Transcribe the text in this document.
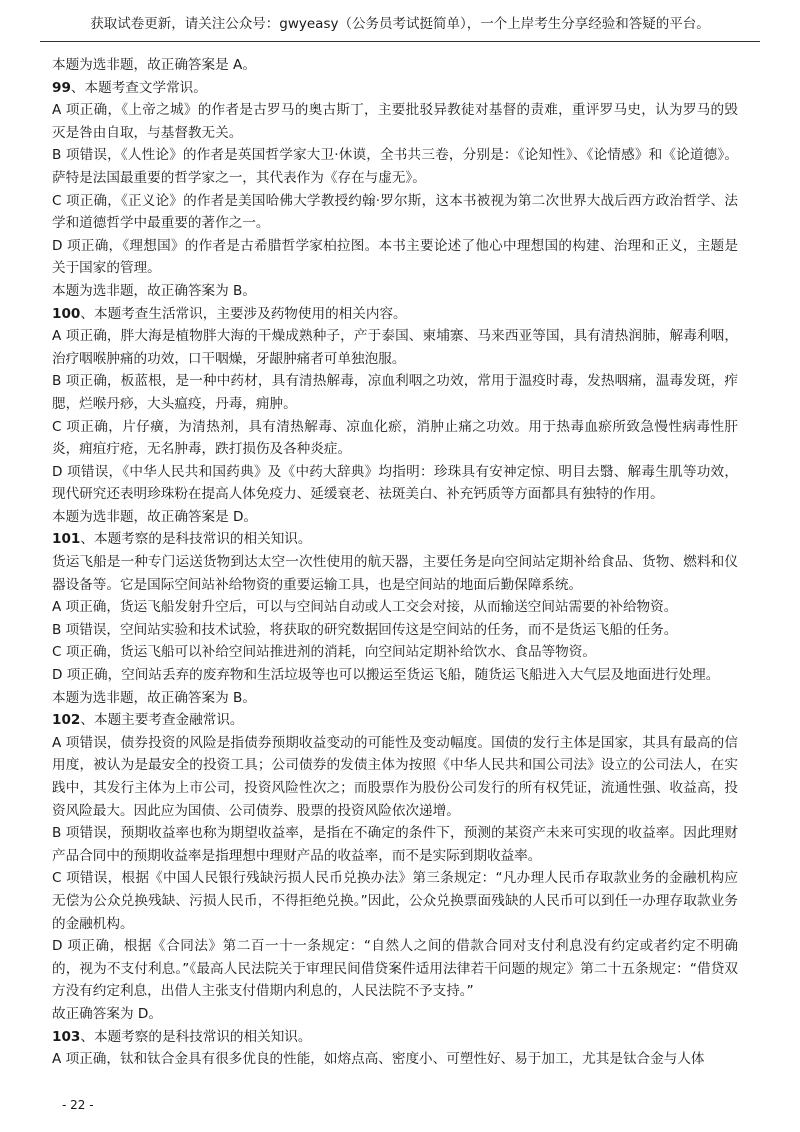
获取试卷更新，请关注公众号：gwyeasy（公务员考试挺简单），一个上岸考生分享经验和答疑的平台。
本题为选非题，故正确答案是 A。
99、本题考查文学常识。
A 项正确，《上帝之城》的作者是古罗马的奥古斯丁，主要批驳异教徒对基督的责难，重评罗马史，认为罗马的毁灭是咎由自取，与基督教无关。
B 项错误，《人性论》的作者是英国哲学家大卫·休谟，全书共三卷，分别是：《论知性》、《论情感》和《论道德》。萨特是法国最重要的哲学家之一，其代表作为《存在与虚无》。
C 项正确，《正义论》的作者是美国哈佛大学教授约翰·罗尔斯，这本书被视为第二次世界大战后西方政治哲学、法学和道德哲学中最重要的著作之一。
D 项正确，《理想国》的作者是古希腊哲学家柏拉图。本书主要论述了他心中理想国的构建、治理和正义，主题是关于国家的管理。
本题为选非题，故正确答案为 B。
100、本题考查生活常识，主要涉及药物使用的相关内容。
A 项正确，胖大海是植物胖大海的干燥成熟种子，产于泰国、柬埔寨、马来西亚等国，具有清热润肺，解毒利咽，治疗咽喉肿痛的功效，口干咽燥，牙龈肿痛者可单独泡服。
B 项正确，板蓝根，是一种中药材，具有清热解毒，凉血利咽之功效，常用于温疫时毒，发热咽痛，温毒发斑，痄腮，烂喉丹痧，大头瘟疫，丹毒，痈肿。
C 项正确，片仔癀，为清热剂，具有清热解毒、凉血化瘀，消肿止痛之功效。用于热毒血瘀所致急慢性病毒性肝炎，痈疽疔疮，无名肿毒，跌打损伤及各种炎症。
D 项错误，《中华人民共和国药典》及《中药大辞典》均指明：珍珠具有安神定惊、明目去翳、解毒生肌等功效，现代研究还表明珍珠粉在提高人体免疫力、延缓衰老、祛斑美白、补充钙质等方面都具有独特的作用。
本题为选非题，故正确答案是 D。
101、本题考察的是科技常识的相关知识。
货运飞船是一种专门运送货物到达太空一次性使用的航天器，主要任务是向空间站定期补给食品、货物、燃料和仪器设备等。它是国际空间站补给物资的重要运输工具，也是空间站的地面后勤保障系统。
A 项正确，货运飞船发射升空后，可以与空间站自动或人工交会对接，从而输送空间站需要的补给物资。
B 项错误，空间站实验和技术试验，将获取的研究数据回传这是空间站的任务，而不是货运飞船的任务。
C 项正确，货运飞船可以补给空间站推进剂的消耗，向空间站定期补给饮水、食品等物资。
D 项正确，空间站丢弃的废弃物和生活垃圾等也可以搬运至货运飞船，随货运飞船进入大气层及地面进行处理。
本题为选非题，故正确答案为 B。
102、本题主要考查金融常识。
A 项错误，债券投资的风险是指债券预期收益变动的可能性及变动幅度。国债的发行主体是国家，其具有最高的信用度，被认为是最安全的投资工具；公司债券的发债主体为按照《中华人民共和国公司法》设立的公司法人，在实践中，其发行主体为上市公司，投资风险性次之；而股票作为股份公司发行的所有权凭证，流通性强、收益高，投资风险最大。因此应为国债、公司债券、股票的投资风险依次递增。
B 项错误，预期收益率也称为期望收益率，是指在不确定的条件下，预测的某资产未来可实现的收益率。因此理财产品合同中的预期收益率是指理想中理财产品的收益率，而不是实际到期收益率。
C 项错误，根据《中国人民银行残缺污损人民币兑换办法》第三条规定：“凡办理人民币存取款业务的金融机构应无偿为公众兑换残缺、污损人民币，不得拒绝兑换。”因此，公众兑换票面残缺的人民币可以到任一办理存取款业务的金融机构。
D 项正确，根据《合同法》第二百一十一条规定：“自然人之间的借款合同对支付利息没有约定或者约定不明确的，视为不支付利息。”《最高人民法院关于审理民间借贷案件适用法律若干问题的规定》第二十五条规定：“借贷双方没有约定利息，出借人主张支付借期内利息的，人民法院不予支持。”
故正确答案为 D。
103、本题考察的是科技常识的相关知识。
A 项正确，钛和钛合金具有很多优良的性能，如熔点高、密度小、可塑性好、易于加工，尤其是钛合金与人体
- 22 -
